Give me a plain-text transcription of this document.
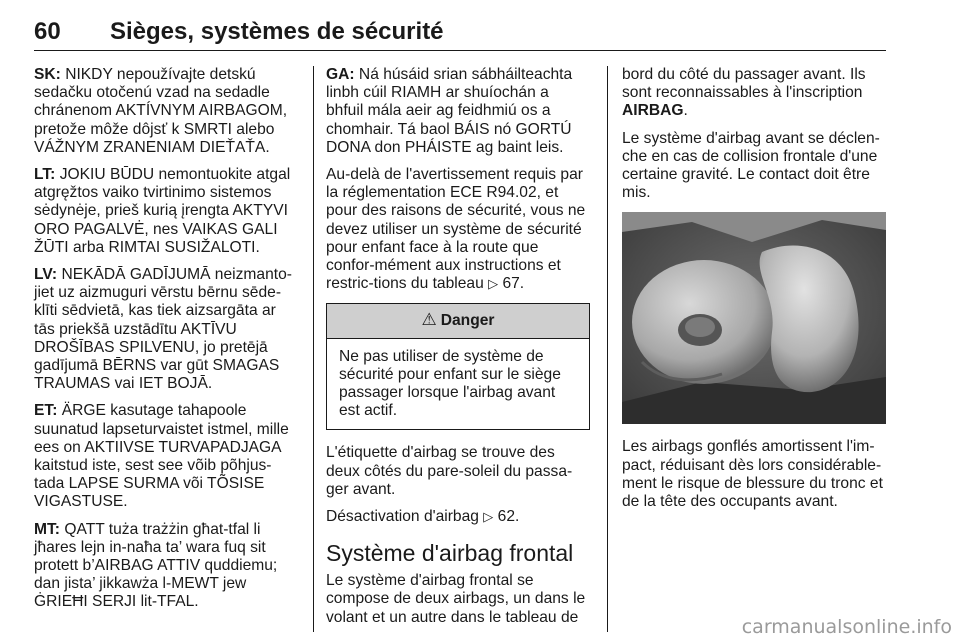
60 Sièges, systèmes de sécurité

SK: NIKDY nepoužívajte detskú sedačku otočenú vzad na sedadle chránenom AKTÍVNYM AIRBAGOM, pretože môže dôjsť k SMRTI alebo VÁŽNYM ZRANENIAM DIEŤAŤA.

LT: JOKIU BŪDU nemontuokite atgal atgręžtos vaiko tvirtinimo sistemos sėdynėje, prieš kurią įrengta AKTYVI ORO PAGALVĖ, nes VAIKAS GALI ŽŪTI arba RIMTAI SUSIŽALOTI.

LV: NEKĀDĀ GADĪJUMĀ neizmanto-jiet uz aizmuguri vērstu bērnu sēde-klīti sēdvietā, kas tiek aizsargāta ar tās priekšā uzstādītu AKTĪVU DROŠĪBAS SPILVENU, jo pretējā gadījumā BĒRNS var gūt SMAGAS TRAUMAS vai IET BOJĀ.

ET: ÄRGE kasutage tahapoole suunatud lapseturvaistet istmel, mille ees on AKTIIVSE TURVAPADJAGA kaitstud iste, sest see võib põhjus-tada LAPSE SURMA või TÕSISE VIGASTUSE.

MT: QATT tuża trażżin għat-tfal li jħares lejn in-naħa ta’ wara fuq sit protett b’AIRBAG ATTIV quddiemu; dan jista’ jikkawża l-MEWT jew ĠRIEĦI SERJI lit-TFAL.

GA: Ná húsáid srian sábháilteachta linbh cúil RIAMH ar shuíochán a bhfuil mála aeir ag feidhmiú os a chomhair. Tá baol BÁIS nó GORTÚ DONA don PHÁISTE ag baint leis.

Au-delà de l'avertissement requis par la réglementation ECE R94.02, et pour des raisons de sécurité, vous ne devez utiliser un système de sécurité pour enfant face à la route que confor-mément aux instructions et restric-tions du tableau ▷ 67.

⚠ Danger
Ne pas utiliser de système de sécurité pour enfant sur le siège passager lorsque l'airbag avant est actif.

L'étiquette d'airbag se trouve des deux côtés du pare-soleil du passa-ger avant.

Désactivation d'airbag ▷ 62.

Système d'airbag frontal

Le système d'airbag frontal se compose de deux airbags, un dans le volant et un autre dans le tableau de

bord du côté du passager avant. Ils sont reconnaissables à l'inscription AIRBAG.

Le système d'airbag avant se déclen-che en cas de collision frontale d'une certaine gravité. Le contact doit être mis.

Les airbags gonflés amortissent l'im-pact, réduisant dès lors considérable-ment le risque de blessure du tronc et de la tête des occupants avant.

carmanualsonline.info
